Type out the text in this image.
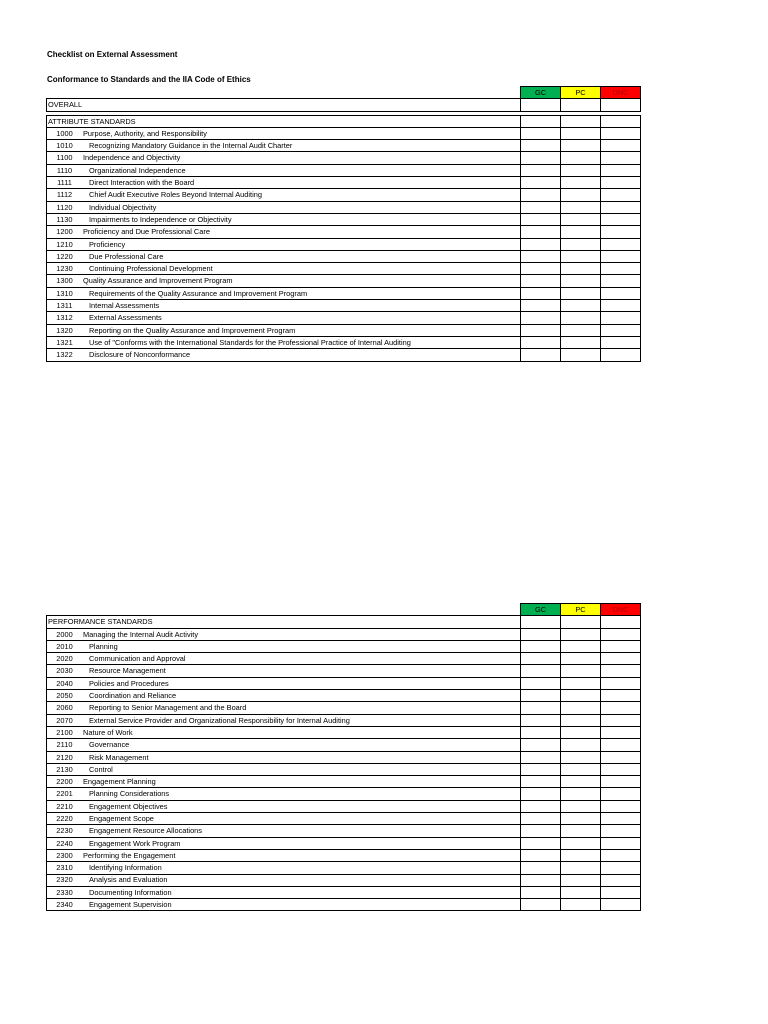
Checklist on External Assessment
Conformance to Standards and the IIA Code of Ethics
		GC	PC	DNC
OVERALL				

ATTRIBUTE STANDARDS				
1000	Purpose, Authority, and Responsibility			
1010	Recognizing Mandatory Guidance in the Internal Audit Charter			
1100	Independence and Objectivity			
1110	Organizational Independence			
1111	Direct Interaction with the Board			
1112	Chief Audit Executive Roles Beyond Internal Auditing			
1120	Individual Objectivity			
1130	Impairments to Independence or Objectivity			
1200	Proficiency and Due Professional Care			
1210	Proficiency			
1220	Due Professional Care			
1230	Continuing Professional Development			
1300	Quality Assurance and Improvement Program			
1310	Requirements of the Quality Assurance and Improvement Program			
1311	Internal Assessments			
1312	External Assessments			
1320	Reporting on the Quality Assurance and Improvement Program			
1321	Use of "Conforms with the International Standards for the Professional Practice of Internal Auditing			
1322	Disclosure of Nonconformance			
		GC	PC	DNC
PERFORMANCE STANDARDS				
2000	Managing the Internal Audit Activity			
2010	Planning			
2020	Communication and Approval			
2030	Resource Management			
2040	Policies and Procedures			
2050	Coordination and Reliance			
2060	Reporting to Senior Management and the Board			
2070	External Service Provider and Organizational Responsibility for Internal Auditing			
2100	Nature of Work			
2110	Governance			
2120	Risk Management			
2130	Control			
2200	Engagement Planning			
2201	Planning Considerations			
2210	Engagement Objectives			
2220	Engagement Scope			
2230	Engagement Resource Allocations			
2240	Engagement Work Program			
2300	Performing the Engagement			
2310	Identifying Information			
2320	Analysis and Evaluation			
2330	Documenting Information			
2340	Engagement Supervision			
